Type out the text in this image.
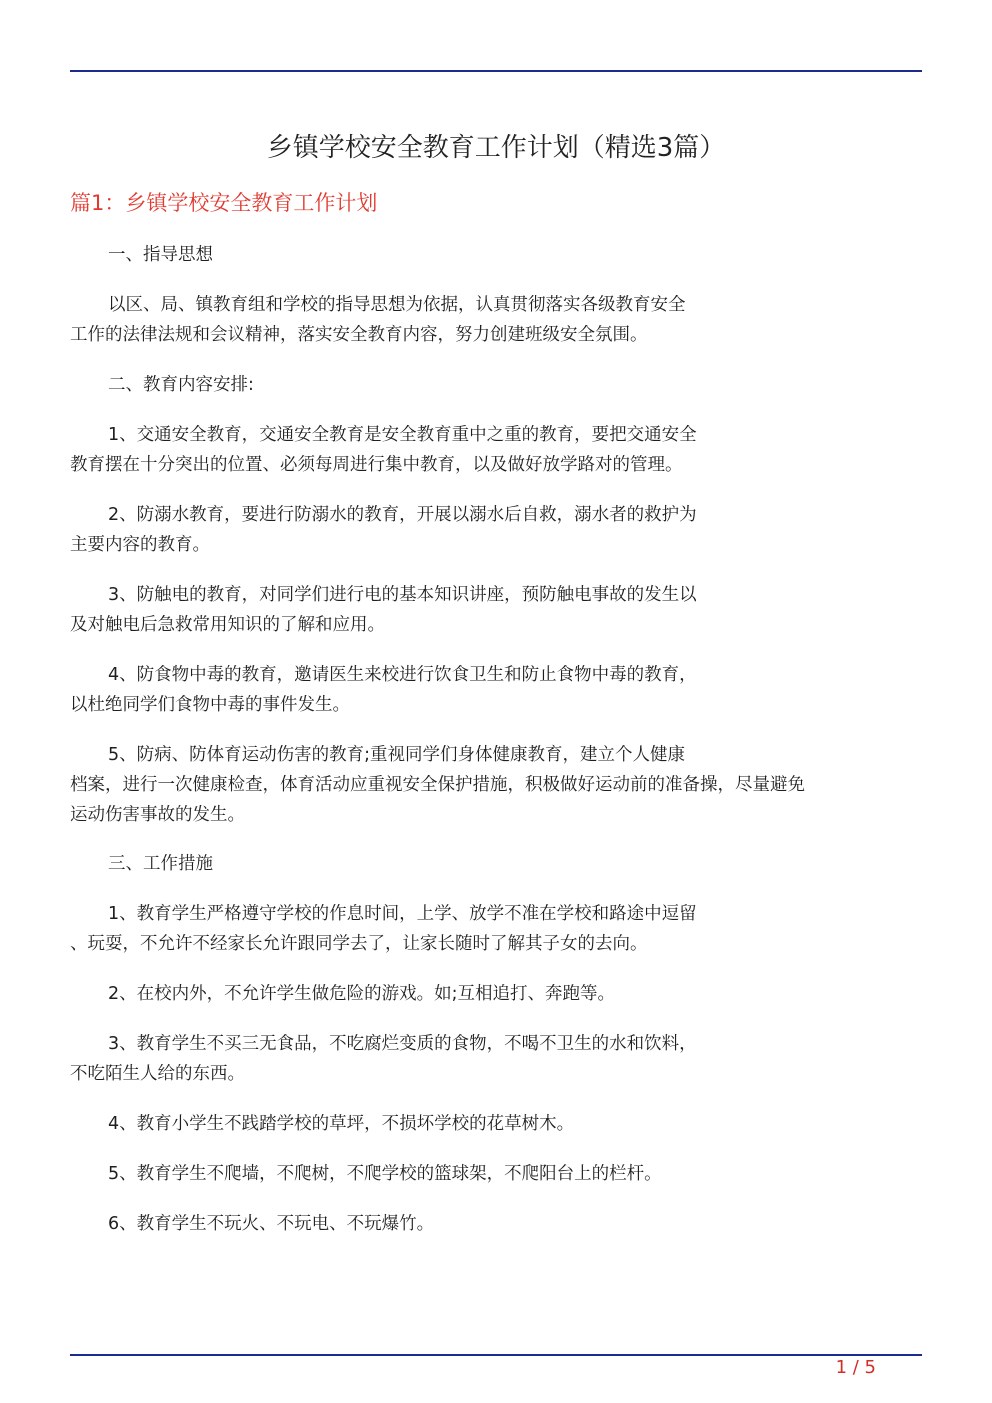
乡镇学校安全教育工作计划（精选3篇）
篇1：乡镇学校安全教育工作计划
一、指导思想
以区、局、镇教育组和学校的指导思想为依据，认真贯彻落实各级教育安全
工作的法律法规和会议精神，落实安全教育内容，努力创建班级安全氛围。
二、教育内容安排:
1、交通安全教育，交通安全教育是安全教育重中之重的教育，要把交通安全
教育摆在十分突出的位置、必须每周进行集中教育，以及做好放学路对的管理。
2、防溺水教育，要进行防溺水的教育，开展以溺水后自救，溺水者的救护为
主要内容的教育。
3、防触电的教育，对同学们进行电的基本知识讲座，预防触电事故的发生以
及对触电后急救常用知识的了解和应用。
4、防食物中毒的教育，邀请医生来校进行饮食卫生和防止食物中毒的教育，
以杜绝同学们食物中毒的事件发生。
5、防病、防体育运动伤害的教育;重视同学们身体健康教育，建立个人健康
档案，进行一次健康检查，体育活动应重视安全保护措施，积极做好运动前的准备操，尽量避免
运动伤害事故的发生。
三、工作措施
1、教育学生严格遵守学校的作息时间，上学、放学不准在学校和路途中逗留
、玩耍，不允许不经家长允许跟同学去了，让家长随时了解其子女的去向。
2、在校内外，不允许学生做危险的游戏。如;互相追打、奔跑等。
3、教育学生不买三无食品，不吃腐烂变质的食物，不喝不卫生的水和饮料，
不吃陌生人给的东西。
4、教育小学生不践踏学校的草坪，不损坏学校的花草树木。
5、教育学生不爬墙，不爬树，不爬学校的篮球架，不爬阳台上的栏杆。
6、教育学生不玩火、不玩电、不玩爆竹。
1 / 5
